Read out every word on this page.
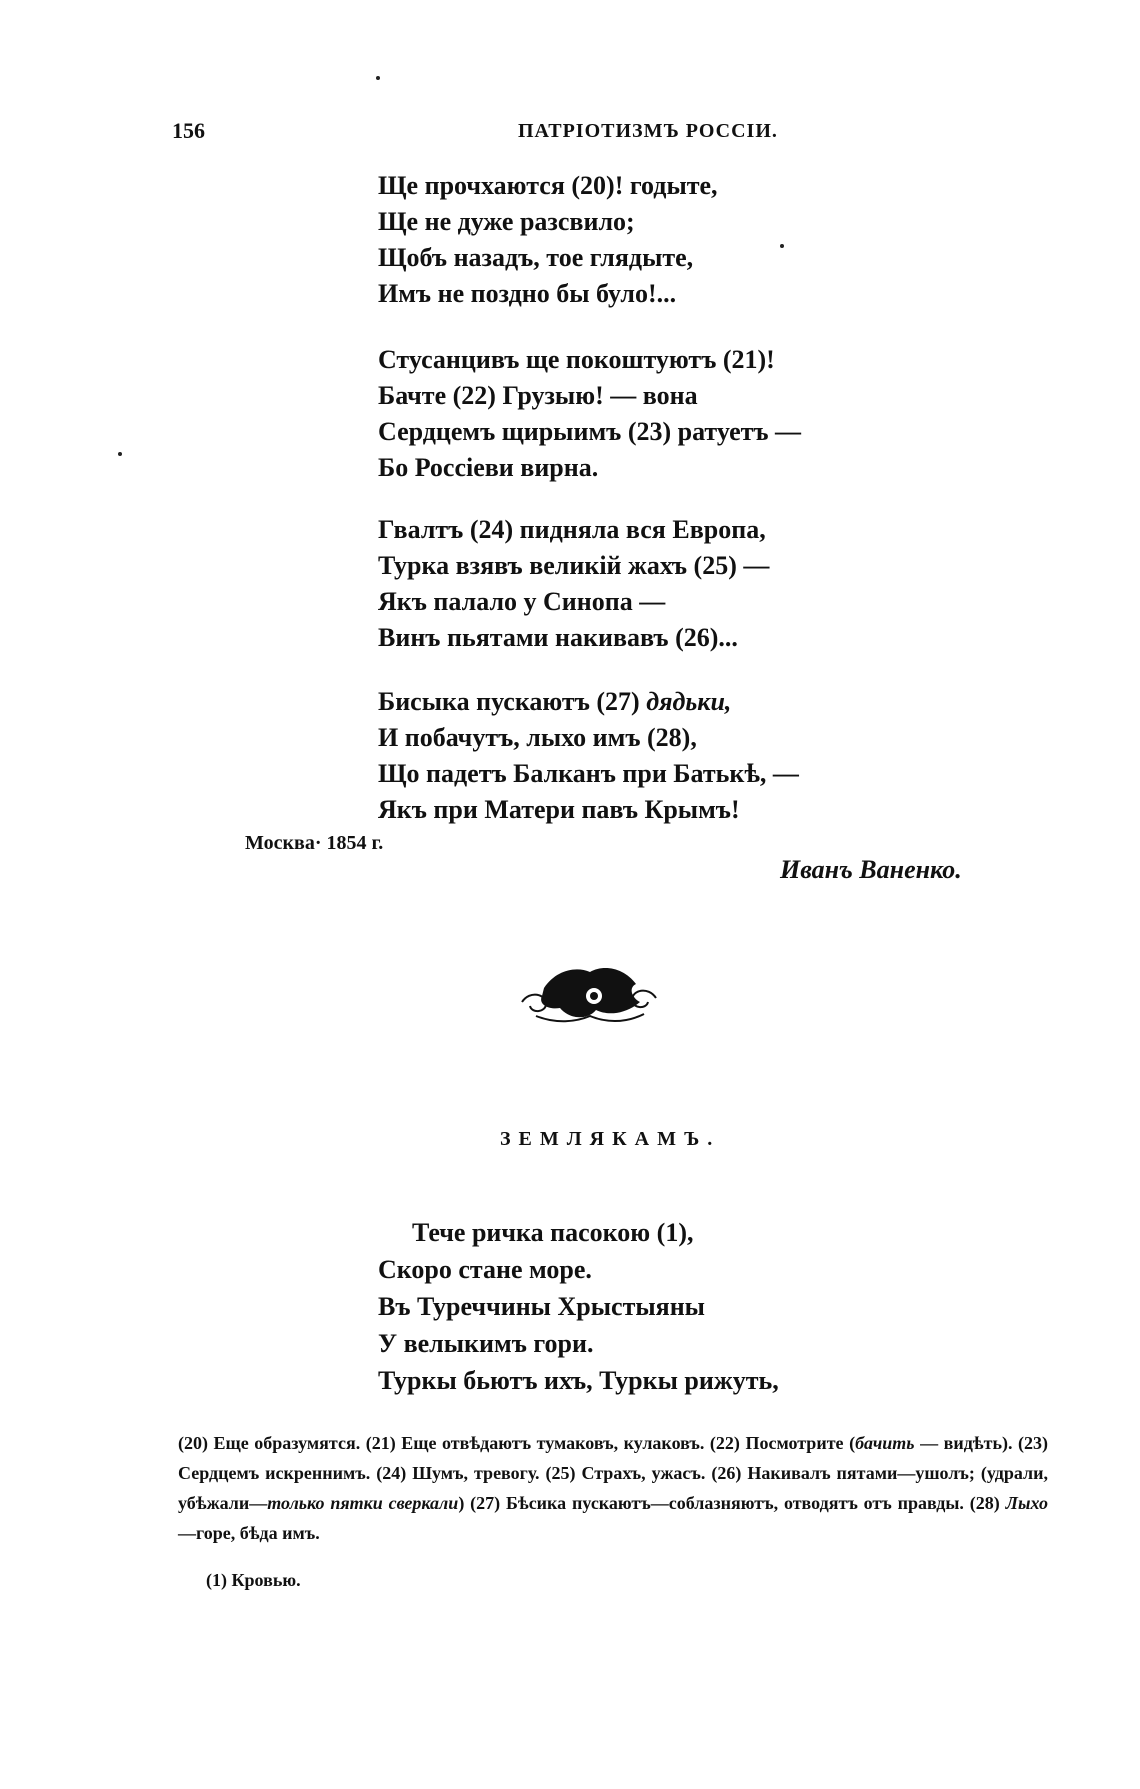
156	ПАТРІОТИЗМЪ РОССІИ.
Ще прочхаются (20)! годыте,
Ще не дуже разсвило;
Щобъ назадъ, тое глядыте,
Имъ не поздно бы було!...
Стусанцивъ ще покоштуютъ (21)!
Бачте (22) Грузыю! — вона
Сердцемъ щирыимъ (23) ратуетъ —
Бо Россіеви вирна.
Гвалтъ (24) пидняла вся Европа,
Турка взявъ великій жахъ (25) —
Якъ палало у Синопа —
Винъ пьятами накивавъ (26)...
Бисыка пускаютъ (27) дядьки,
И побачутъ, лыхо имъ (28),
Що падетъ Балканъ при Батькѣ, —
Якъ при Матери павъ Крымъ!
Москва· 1854 г.
Иванъ Ваненко.
ЗЕМЛЯКАМЪ.
Тече ричка пасокою (1),
Скоро стане море.
Въ Туреччины Хрыстыяны
У велыкимъ гори.
Туркы бьютъ ихъ, Туркы рижуть,

(20) Еще образумятся. (21) Еще отвѣдаютъ тумаковъ, кулаковъ. (22) Посмотрите (бачить — видѣть). (23) Сердцемъ искреннимъ. (24) Шумъ, тревогу. (25) Страхъ, ужасъ. (26) Накивалъ пятами—ушолъ; (удрали, убѣжали—только пятки сверкали) (27) Бѣсика пускаютъ—соблазняютъ, отводятъ отъ правды. (28) Лыхо—горе, бѣда имъ.

(1) Кровью.
